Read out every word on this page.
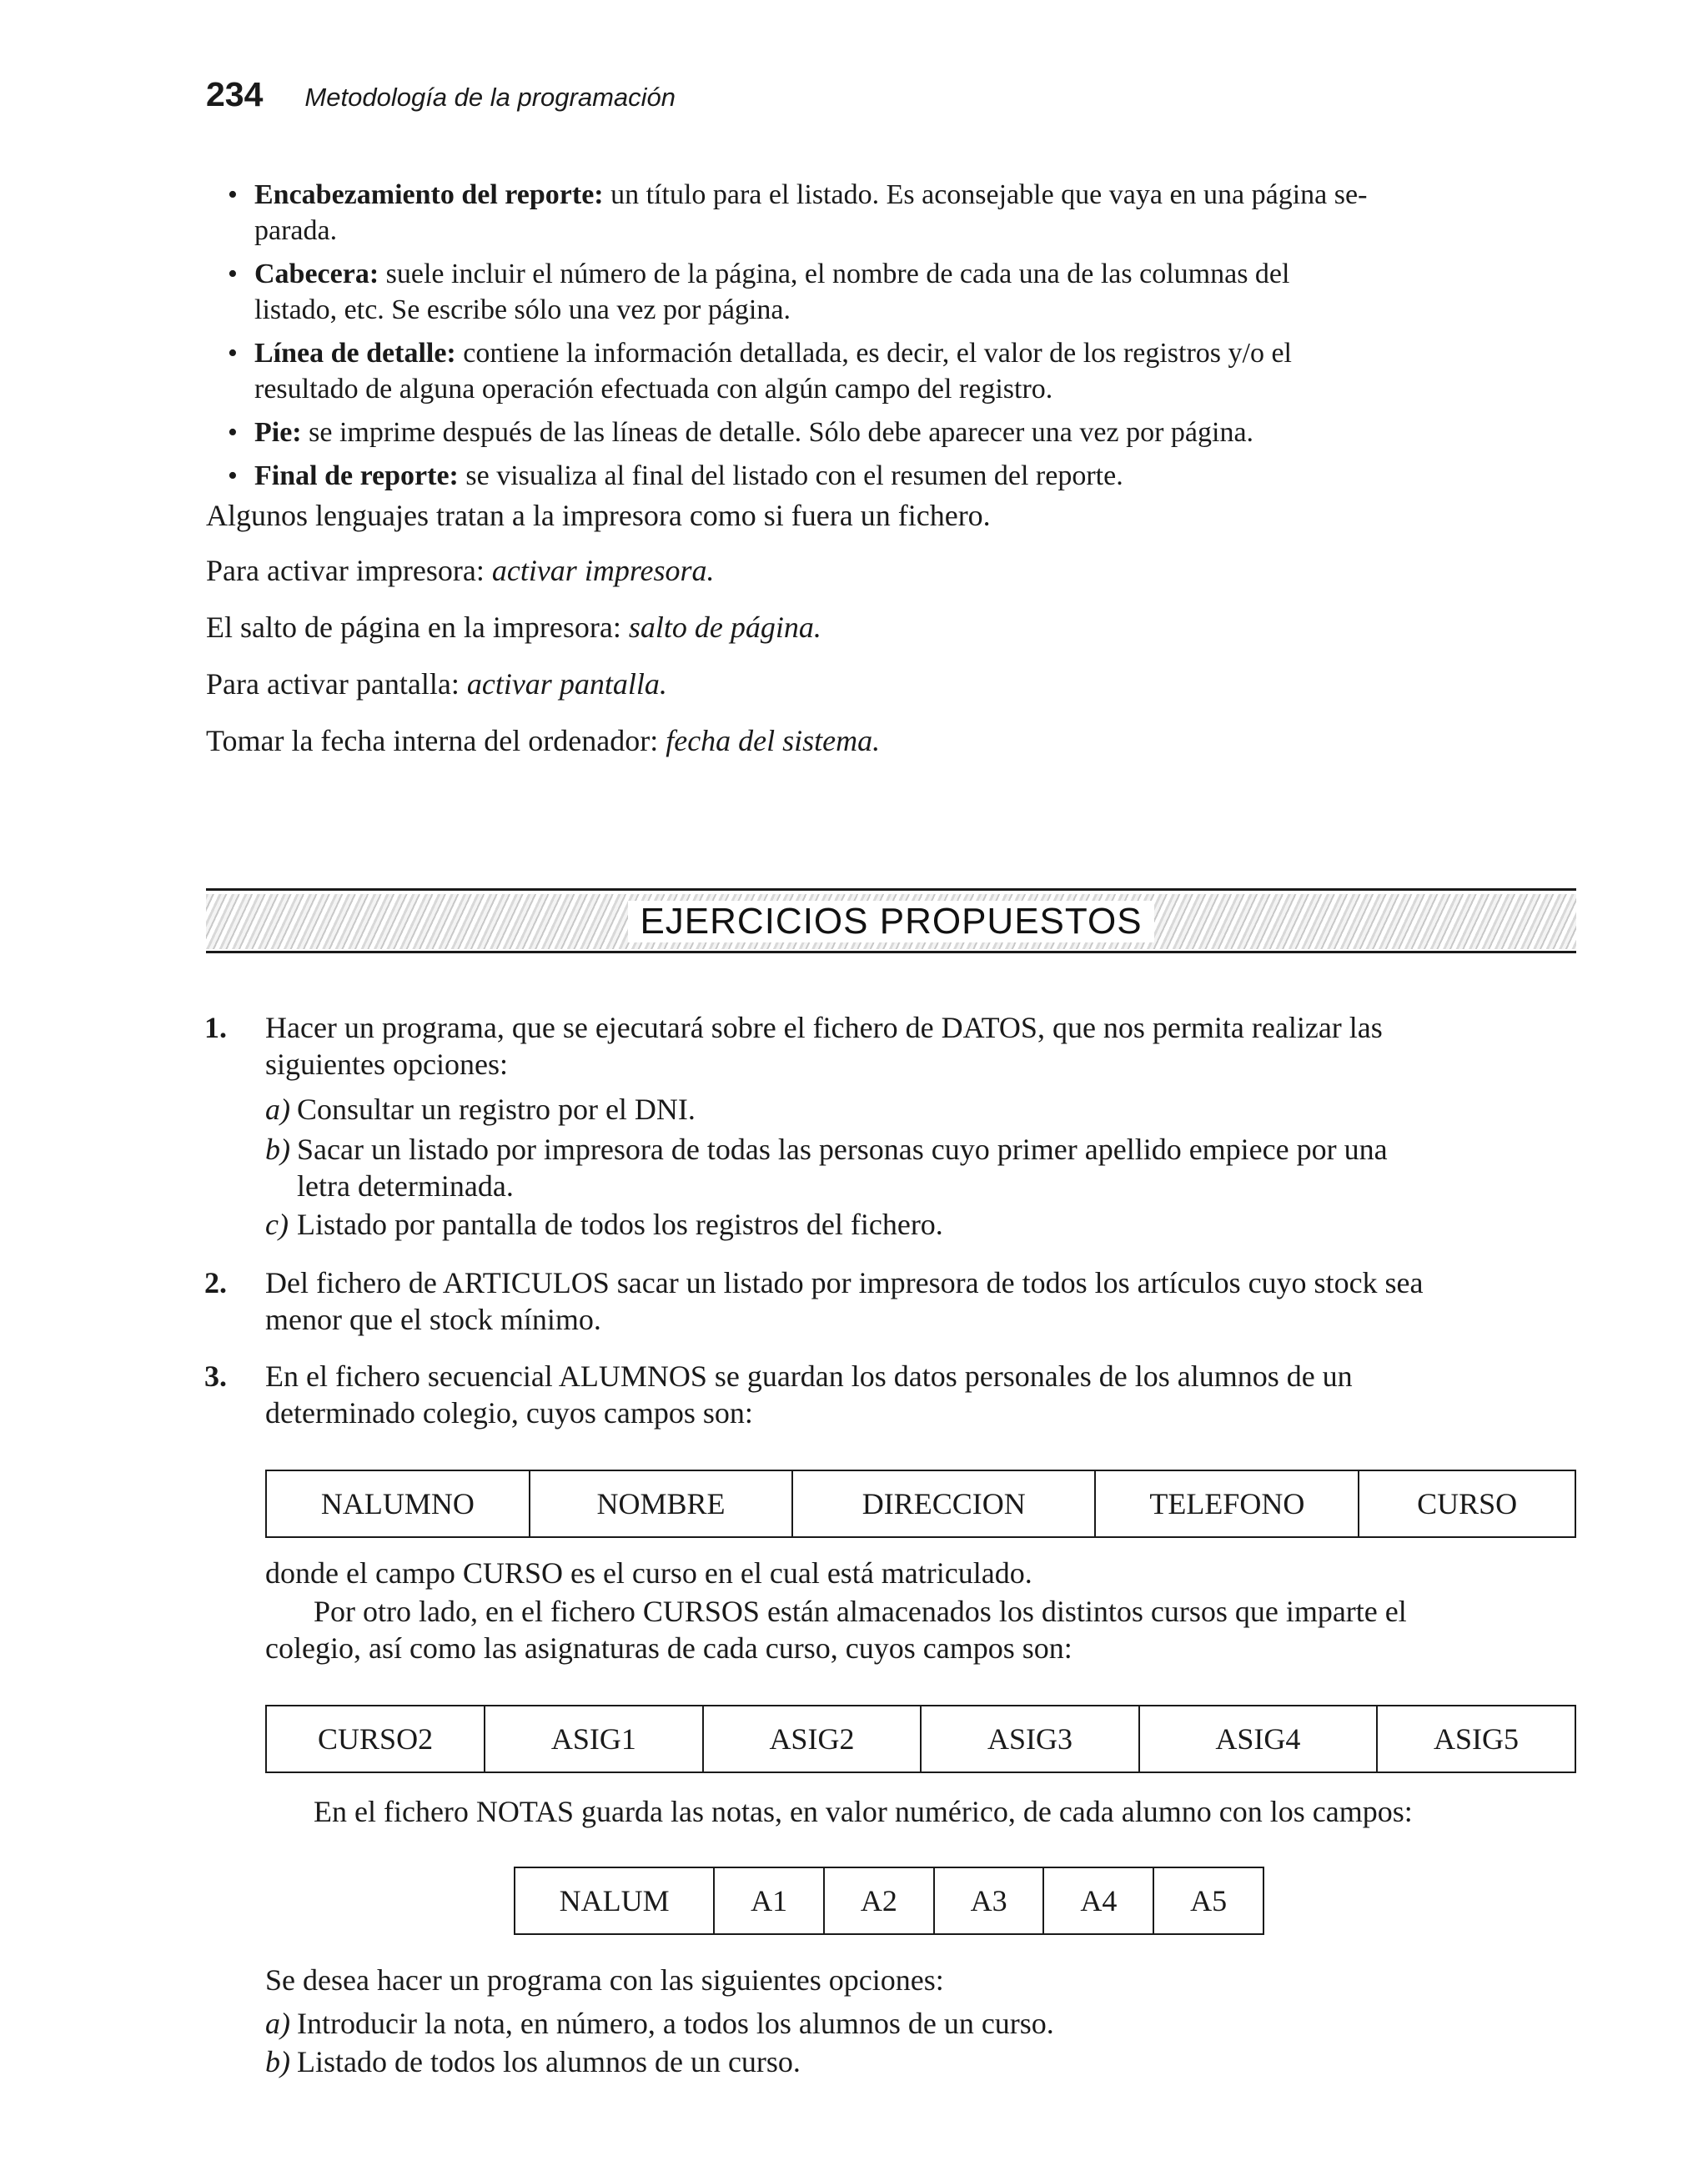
234 Metodología de la programación
• Encabezamiento del reporte: un título para el listado. Es aconsejable que vaya en una página se-
parada.
• Cabecera: suele incluir el número de la página, el nombre de cada una de las columnas del
listado, etc. Se escribe sólo una vez por página.
• Línea de detalle: contiene la información detallada, es decir, el valor de los registros y/o el
resultado de alguna operación efectuada con algún campo del registro.
• Pie: se imprime después de las líneas de detalle. Sólo debe aparecer una vez por página.
• Final de reporte: se visualiza al final del listado con el resumen del reporte.
Algunos lenguajes tratan a la impresora como si fuera un fichero.
Para activar impresora: activar impresora.
El salto de página en la impresora: salto de página.
Para activar pantalla: activar pantalla.
Tomar la fecha interna del ordenador: fecha del sistema.
EJERCICIOS PROPUESTOS
1. Hacer un programa, que se ejecutará sobre el fichero de DATOS, que nos permita realizar las
siguientes opciones:
a) Consultar un registro por el DNI.
b) Sacar un listado por impresora de todas las personas cuyo primer apellido empiece por una
letra determinada.
c) Listado por pantalla de todos los registros del fichero.
2. Del fichero de ARTICULOS sacar un listado por impresora de todos los artículos cuyo stock sea
menor que el stock mínimo.
3. En el fichero secuencial ALUMNOS se guardan los datos personales de los alumnos de un
determinado colegio, cuyos campos son:
NALUMNO	NOMBRE	DIRECCION	TELEFONO	CURSO
donde el campo CURSO es el curso en el cual está matriculado.
Por otro lado, en el fichero CURSOS están almacenados los distintos cursos que imparte el
colegio, así como las asignaturas de cada curso, cuyos campos son:
CURSO2	ASIG1	ASIG2	ASIG3	ASIG4	ASIG5
En el fichero NOTAS guarda las notas, en valor numérico, de cada alumno con los campos:
NALUM	A1	A2	A3	A4	A5
Se desea hacer un programa con las siguientes opciones:
a) Introducir la nota, en número, a todos los alumnos de un curso.
b) Listado de todos los alumnos de un curso.
